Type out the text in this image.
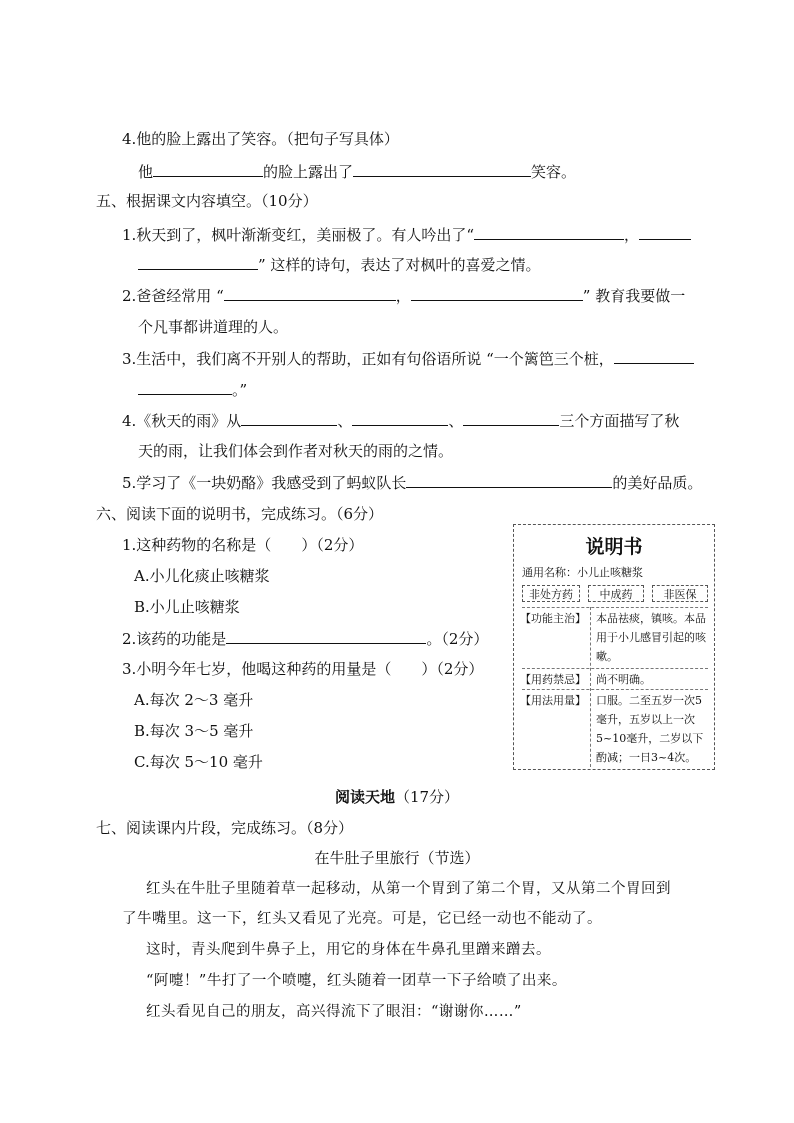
4.他的脸上露出了笑容。（把句子写具体）
他	的脸上露出了	笑容。
五、根据课文内容填空。（10分）
1.秋天到了，枫叶渐渐变红，美丽极了。有人吟出了“	，
” 这样的诗句，表达了对枫叶的喜爱之情。
2.爸爸经常用 “	，	” 教育我要做一
个凡事都讲道理的人。
3.生活中，我们离不开别人的帮助，正如有句俗语所说 “一个篱笆三个桩，
。”
4.《秋天的雨》从	、	、	三个方面描写了秋
天的雨，让我们体会到作者对秋天的雨的之情。
5.学习了《一块奶酪》我感受到了蚂蚁队长	的美好品质。
六、阅读下面的说明书，完成练习。（6分）
1.这种药物的名称是（　　）（2分）
A.小儿化痰止咳糖浆
B.小儿止咳糖浆
2.该药的功能是	。（2分）
3.小明今年七岁，他喝这种药的用量是（　　）（2分）
A.每次 2～3 毫升
B.每次 3～5 毫升
C.每次 5～10 毫升
说明书
通用名称：小儿止咳糖浆
非处方药	中成药	非医保
【功能主治】 本品祛痰，镇咳。本品用于小儿感冒引起的咳嗽。
【用药禁忌】 尚不明确。
【用法用量】 口服。二至五岁一次5毫升，五岁以上一次5~10毫升，二岁以下酌减；一日3~4次。
阅读天地（17分）
七、阅读课内片段，完成练习。（8分）
在牛肚子里旅行（节选）
红头在牛肚子里随着草一起移动，从第一个胃到了第二个胃，又从第二个胃回到
了牛嘴里。这一下，红头又看见了光亮。可是，它已经一动也不能动了。
这时，青头爬到牛鼻子上，用它的身体在牛鼻孔里蹭来蹭去。
“阿嚏！”牛打了一个喷嚏，红头随着一团草一下子给喷了出来。
红头看见自己的朋友，高兴得流下了眼泪：“谢谢你……”
